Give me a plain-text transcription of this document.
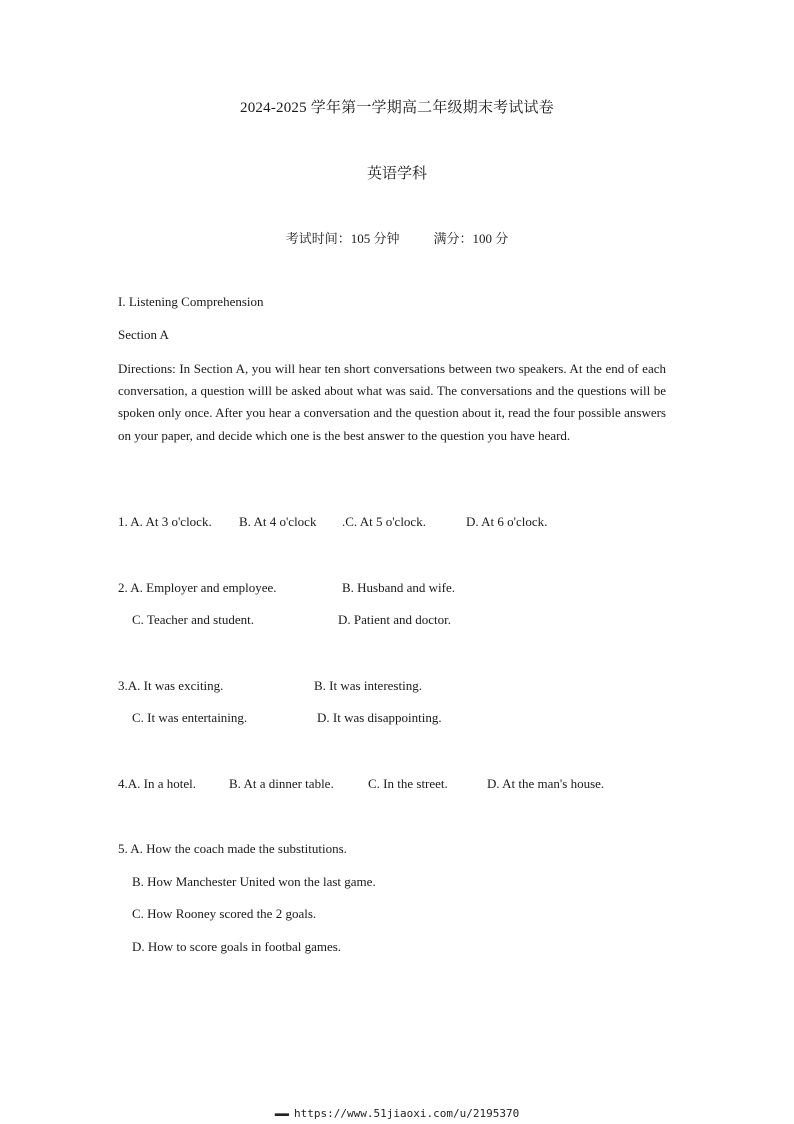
2024-2025 学年第一学期高二年级期末考试试卷
英语学科
考试时间：105 分钟	满分：100 分
I. Listening Comprehension
Section A
Directions: In Section A, you will hear ten short conversations between two speakers. At the end of each conversation, a question willl be asked about what was said. The conversations and the questions will be spoken only once. After you hear a conversation and the question about it, read the four possible answers on your paper, and decide which one is the best answer to the question you have heard.
1. A. At 3 o'clock. B. At 4 o'clock .C. At 5 o'clock.	D. At 6 o'clock.
2. A. Employer and employee.	B. Husband and wife.
C. Teacher and student.	D. Patient and doctor.
3.A. It was exciting.	B. It was interesting.
C. It was entertaining.	D. It was disappointing.
4.A. In a hotel.	B. At a dinner table.	C. In the street.	D. At the man's house.
5. A. How the coach made the substitutions.
B. How Manchester United won the last game.
C. How Rooney scored the 2 goals.
D. How to score goals in footbal games.
▬▬▬ https://www.51jiaoxi.com/u/2195370
